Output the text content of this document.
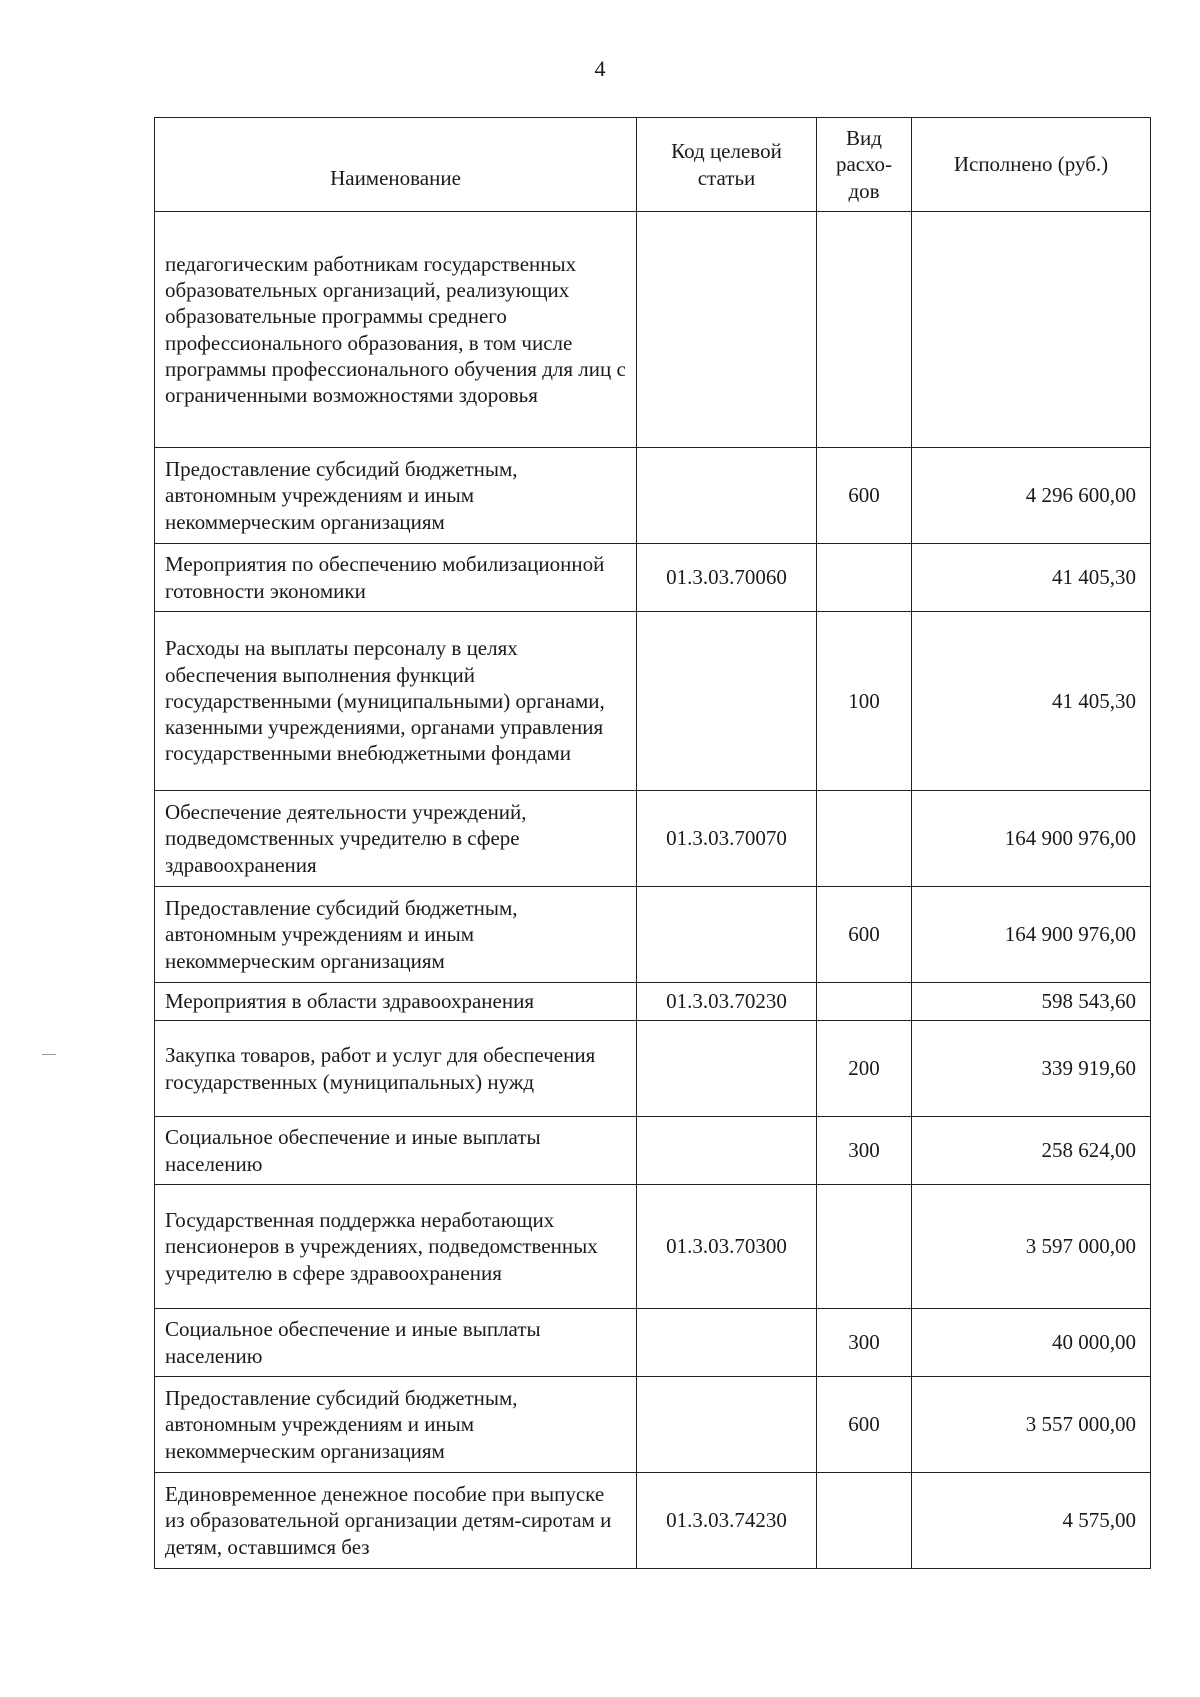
4
Наименование	Код целевой статьи	Вид расхо- дов	Исполнено (руб.)
педагогическим работникам государственных образовательных организаций, реализующих образовательные программы среднего профессионального образования, в том числе программы профессионального обучения для лиц с ограниченными возможностями здоровья			
Предоставление субсидий бюджетным, автономным учреждениям и иным некоммерческим организациям		600	4 296 600,00
Мероприятия по обеспечению мобилизационной готовности экономики	01.3.03.70060		41 405,30
Расходы на выплаты персоналу в целях обеспечения выполнения функций государственными (муниципальными) органами, казенными учреждениями, органами управления государственными внебюджетными фондами		100	41 405,30
Обеспечение деятельности учреждений, подведомственных учредителю в сфере здравоохранения	01.3.03.70070		164 900 976,00
Предоставление субсидий бюджетным, автономным учреждениям и иным некоммерческим организациям		600	164 900 976,00
Мероприятия в области здравоохранения	01.3.03.70230		598 543,60
Закупка товаров, работ и услуг для обеспечения государственных (муниципальных) нужд		200	339 919,60
Социальное обеспечение и иные выплаты населению		300	258 624,00
Государственная поддержка неработающих пенсионеров в учреждениях, подведомственных учредителю в сфере здравоохранения	01.3.03.70300		3 597 000,00
Социальное обеспечение и иные выплаты населению		300	40 000,00
Предоставление субсидий бюджетным, автономным учреждениям и иным некоммерческим организациям		600	3 557 000,00
Единовременное денежное пособие при выпуске из образовательной организации детям-сиротам и детям, оставшимся без	01.3.03.74230		4 575,00
